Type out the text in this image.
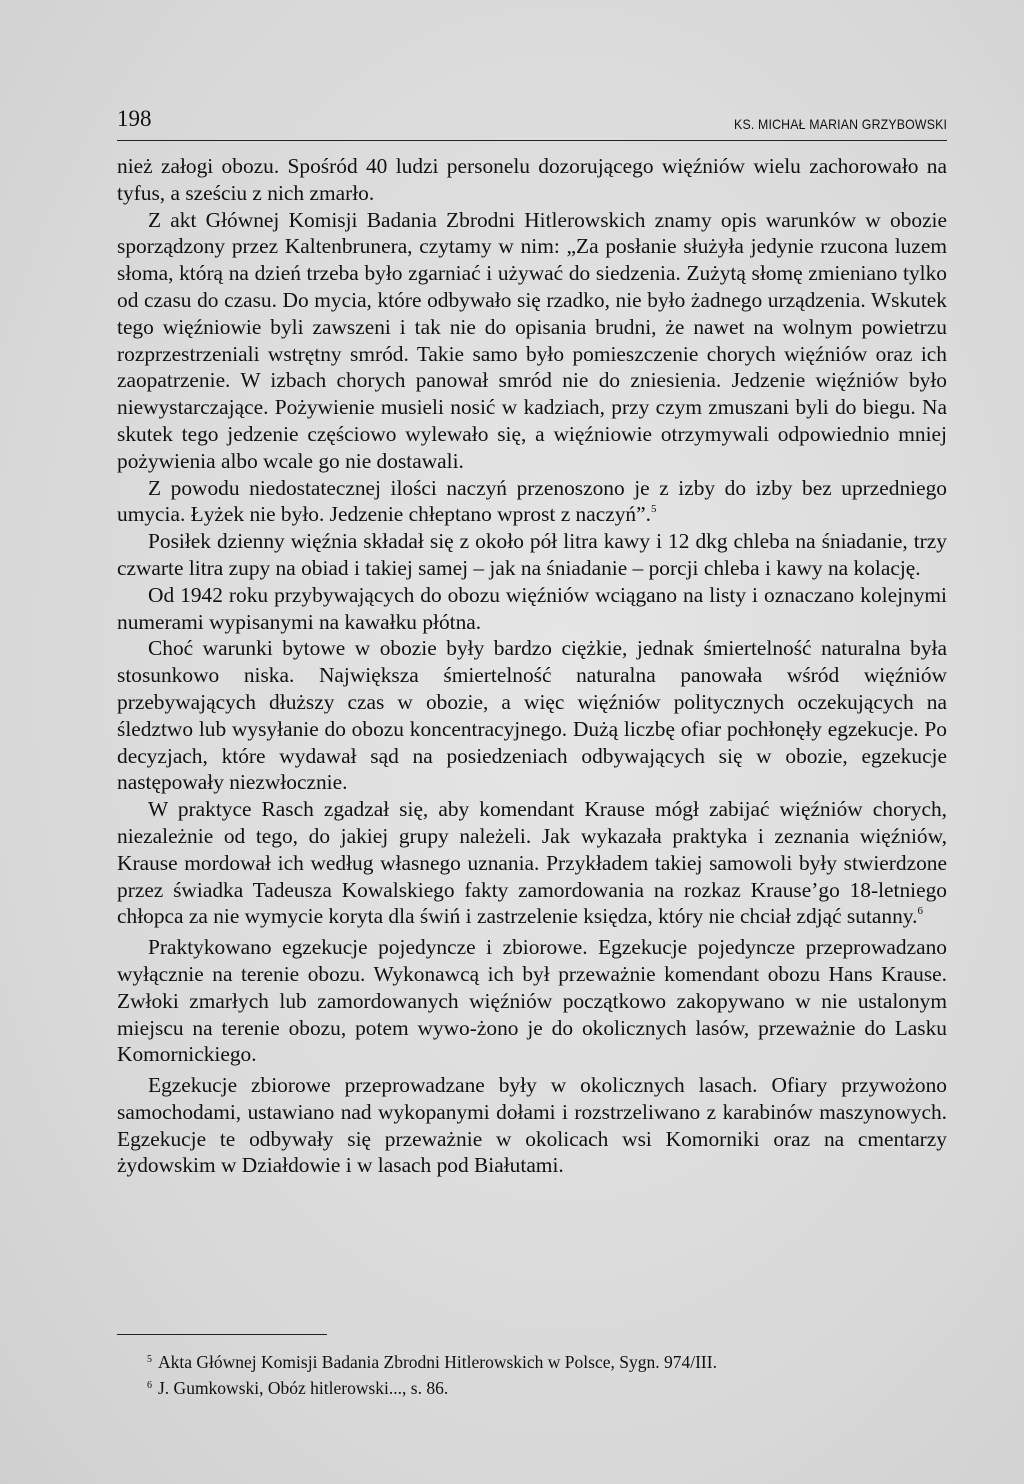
198	KS. MICHAŁ MARIAN GRZYBOWSKI

nież załogi obozu. Spośród 40 ludzi personelu dozorującego więźniów wielu zachorowało na tyfus, a sześciu z nich zmarło.

Z akt Głównej Komisji Badania Zbrodni Hitlerowskich znamy opis warunków w obozie sporządzony przez Kaltenbrunera, czytamy w nim: „Za posłanie służyła jedynie rzucona luzem słoma, którą na dzień trzeba było zgarniać i używać do siedzenia. Zużytą słomę zmieniano tylko od czasu do czasu. Do mycia, które odbywało się rzadko, nie było żadnego urządzenia. Wskutek tego więźniowie byli zawszeni i tak nie do opisania brudni, że nawet na wolnym powietrzu rozprzestrzeniali wstrętny smród. Takie samo było pomieszczenie chorych więźniów oraz ich zaopatrzenie. W izbach chorych panował smród nie do zniesienia. Jedzenie więźniów było niewystarczające. Pożywienie musieli nosić w kadziach, przy czym zmuszani byli do biegu. Na skutek tego jedzenie częściowo wylewało się, a więźniowie otrzymywali odpowiednio mniej pożywienia albo wcale go nie dostawali.

Z powodu niedostatecznej ilości naczyń przenoszono je z izby do izby bez uprzedniego umycia. Łyżek nie było. Jedzenie chłeptano wprost z naczyń”.$^5$

Posiłek dzienny więźnia składał się z około pół litra kawy i 12 dkg chleba na śniadanie, trzy czwarte litra zupy na obiad i takiej samej – jak na śniadanie – porcji chleba i kawy na kolację.

Od 1942 roku przybywających do obozu więźniów wciągano na listy i oznaczano kolejnymi numerami wypisanymi na kawałku płótna.

Choć warunki bytowe w obozie były bardzo ciężkie, jednak śmiertelność naturalna była stosunkowo niska. Największa śmiertelność naturalna panowała wśród więźniów przebywających dłuższy czas w obozie, a więc więźniów politycznych oczekujących na śledztwo lub wysyłanie do obozu koncentracyjnego. Dużą liczbę ofiar pochłonęły egzekucje. Po decyzjach, które wydawał sąd na posiedzeniach odbywających się w obozie, egzekucje następowały niezwłocznie.

W praktyce Rasch zgadzał się, aby komendant Krause mógł zabijać więźniów chorych, niezależnie od tego, do jakiej grupy należeli. Jak wykazała praktyka i zeznania więźniów, Krause mordował ich według własnego uznania. Przykładem takiej samowoli były stwierdzone przez świadka Tadeusza Kowalskiego fakty zamordowania na rozkaz Krause’go 18-letniego chłopca za nie wymycie koryta dla świń i zastrzelenie księdza, który nie chciał zdjąć sutanny.$^6$

Praktykowano egzekucje pojedyncze i zbiorowe. Egzekucje pojedyncze przeprowadzano wyłącznie na terenie obozu. Wykonawcą ich był przeważnie komendant obozu Hans Krause. Zwłoki zmarłych lub zamordowanych więźniów początkowo zakopywano w nie ustalonym miejscu na terenie obozu, potem wywo-żono je do okolicznych lasów, przeważnie do Lasku Komornickiego.

Egzekucje zbiorowe przeprowadzane były w okolicznych lasach. Ofiary przywożono samochodami, ustawiano nad wykopanymi dołami i rozstrzeliwano z karabinów maszynowych. Egzekucje te odbywały się przeważnie w okolicach wsi Komorniki oraz na cmentarzy żydowskim w Działdowie i w lasach pod Białutami.

$^5$ Akta Głównej Komisji Badania Zbrodni Hitlerowskich w Polsce, Sygn. 974/III.
$^6$ J. Gumkowski, Obóz hitlerowski..., s. 86.
